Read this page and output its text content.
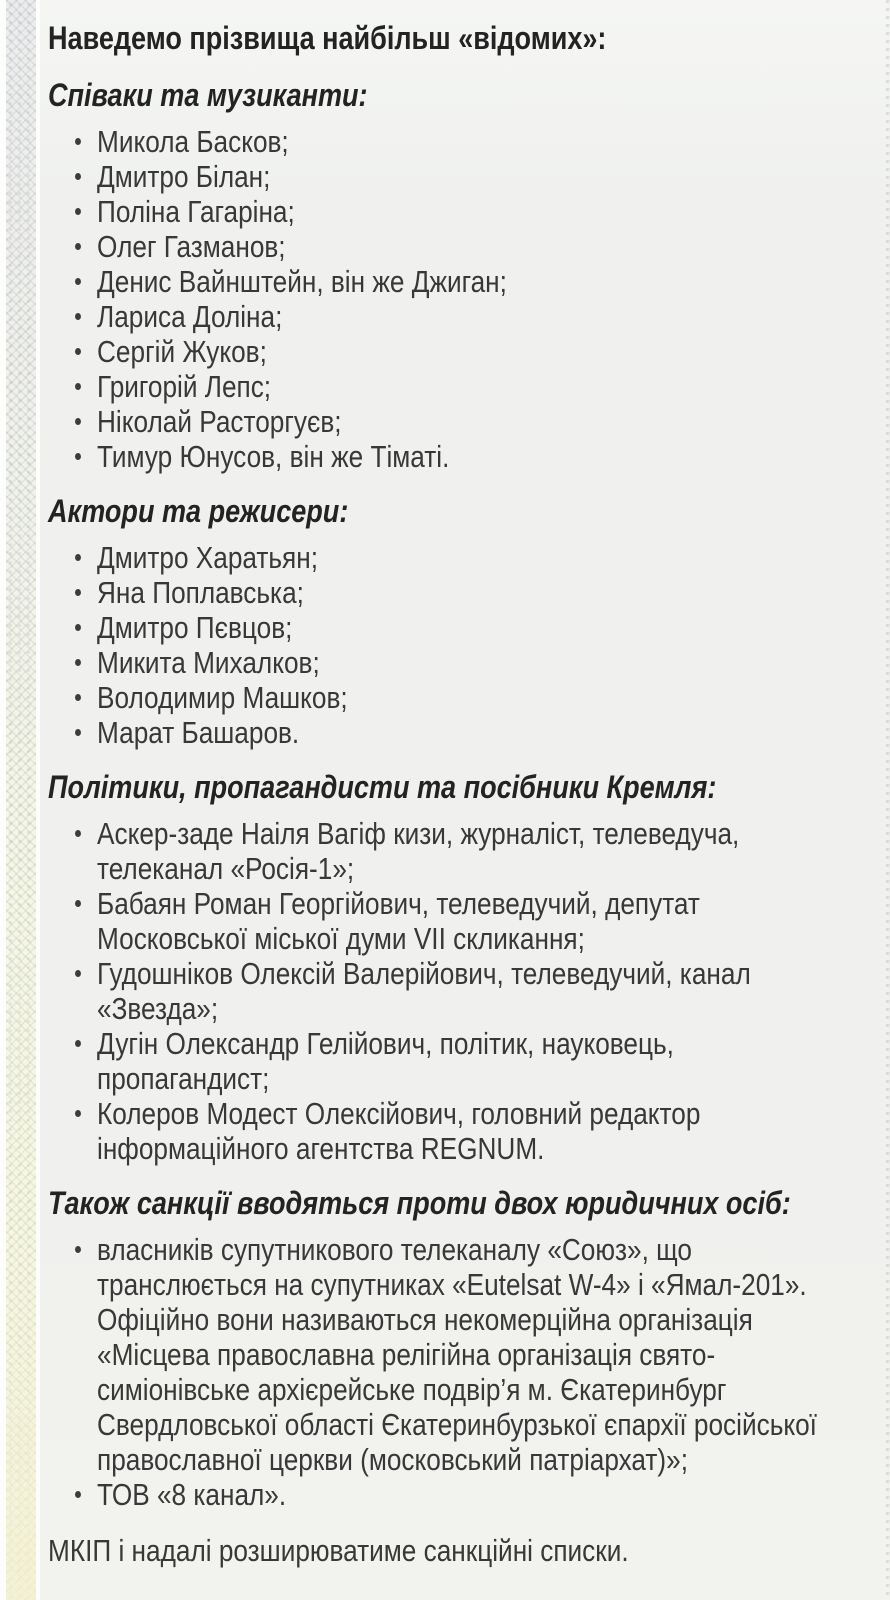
Наведемо прізвища найбільш «відомих»:

Співаки та музиканти:
Микола Басков;
Дмитро Білан;
Поліна Гагаріна;
Олег Газманов;
Денис Вайнштейн, він же Джиган;
Лариса Доліна;
Сергій Жуков;
Григорій Лепс;
Ніколай Расторгуєв;
Тимур Юнусов, він же Тіматі.
Актори та режисери:
Дмитро Харатьян;
Яна Поплавська;
Дмитро Пєвцов;
Микита Михалков;
Володимир Машков;
Марат Башаров.
Політики, пропагандисти та посібники Кремля:
Аскер-заде Наіля Вагіф кизи, журналіст, телеведуча, телеканал «Росія-1»;
Бабаян Роман Георгійович, телеведучий, депутат Московської міської думи VII скликання;
Гудошніков Олексій Валерійович, телеведучий, канал «Звезда»;
Дугін Олександр Гелійович, політик, науковець, пропагандист;
Колеров Модест Олексійович, головний редактор інформаційного агентства REGNUM.
Також санкції вводяться проти двох юридичних осіб:
власників супутникового телеканалу «Союз», що транслюється на супутниках «Eutelsat W-4» і «Ямал-201». Офіційно вони називаються некомерційна організація «Місцева православна релігійна організація свято-симіонівське архієрейське подвір’я м. Єкатеринбург Свердловської області Єкатеринбурзької єпархії російської православної церкви (московський патріархат)»;
ТОВ «8 канал».

МКІП і надалі розширюватиме санкційні списки.
